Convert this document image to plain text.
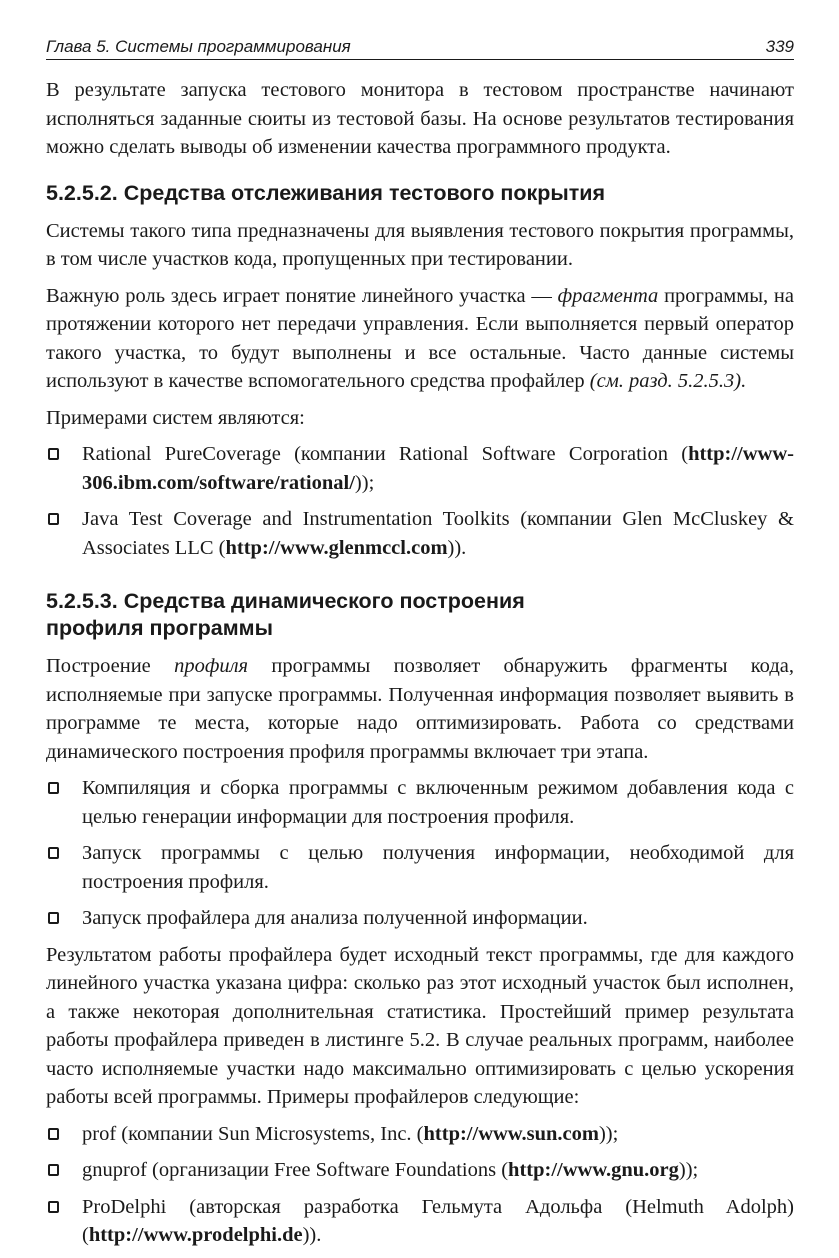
Глава 5. Системы программирования	339

В результате запуска тестового монитора в тестовом пространстве начинают исполняться заданные сюиты из тестовой базы. На основе результатов тестирования можно сделать выводы об изменении качества программного продукта.

5.2.5.2. Средства отслеживания тестового покрытия

Системы такого типа предназначены для выявления тестового покрытия программы, в том числе участков кода, пропущенных при тестировании.

Важную роль здесь играет понятие линейного участка — фрагмента программы, на протяжении которого нет передачи управления. Если выполняется первый оператор такого участка, то будут выполнены и все остальные. Часто данные системы используют в качестве вспомогательного средства профайлер (см. разд. 5.2.5.3).

Примерами систем являются:

Rational PureCoverage (компании Rational Software Corporation (http://www-306.ibm.com/software/rational/));
Java Test Coverage and Instrumentation Toolkits (компании Glen McCluskey & Associates LLC (http://www.glenmccl.com)).
5.2.5.3. Средства динамического построения
профиля программы

Построение профиля программы позволяет обнаружить фрагменты кода, исполняемые при запуске программы. Полученная информация позволяет выявить в программе те места, которые надо оптимизировать. Работа со средствами динамического построения профиля программы включает три этапа.

Компиляция и сборка программы с включенным режимом добавления кода с целью генерации информации для построения профиля.
Запуск программы с целью получения информации, необходимой для построения профиля.
Запуск профайлера для анализа полученной информации.

Результатом работы профайлера будет исходный текст программы, где для каждого линейного участка указана цифра: сколько раз этот исходный участок был исполнен, а также некоторая дополнительная статистика. Простейший пример результата работы профайлера приведен в листинге 5.2. В случае реальных программ, наиболее часто исполняемые участки надо максимально оптимизировать с целью ускорения работы всей программы. Примеры профайлеров следующие:

prof (компании Sun Microsystems, Inc. (http://www.sun.com));
gnuprof (организации Free Software Foundations (http://www.gnu.org));
ProDelphi (авторская разработка Гельмута Адольфа (Helmuth Adolph) (http://www.prodelphi.de)).
